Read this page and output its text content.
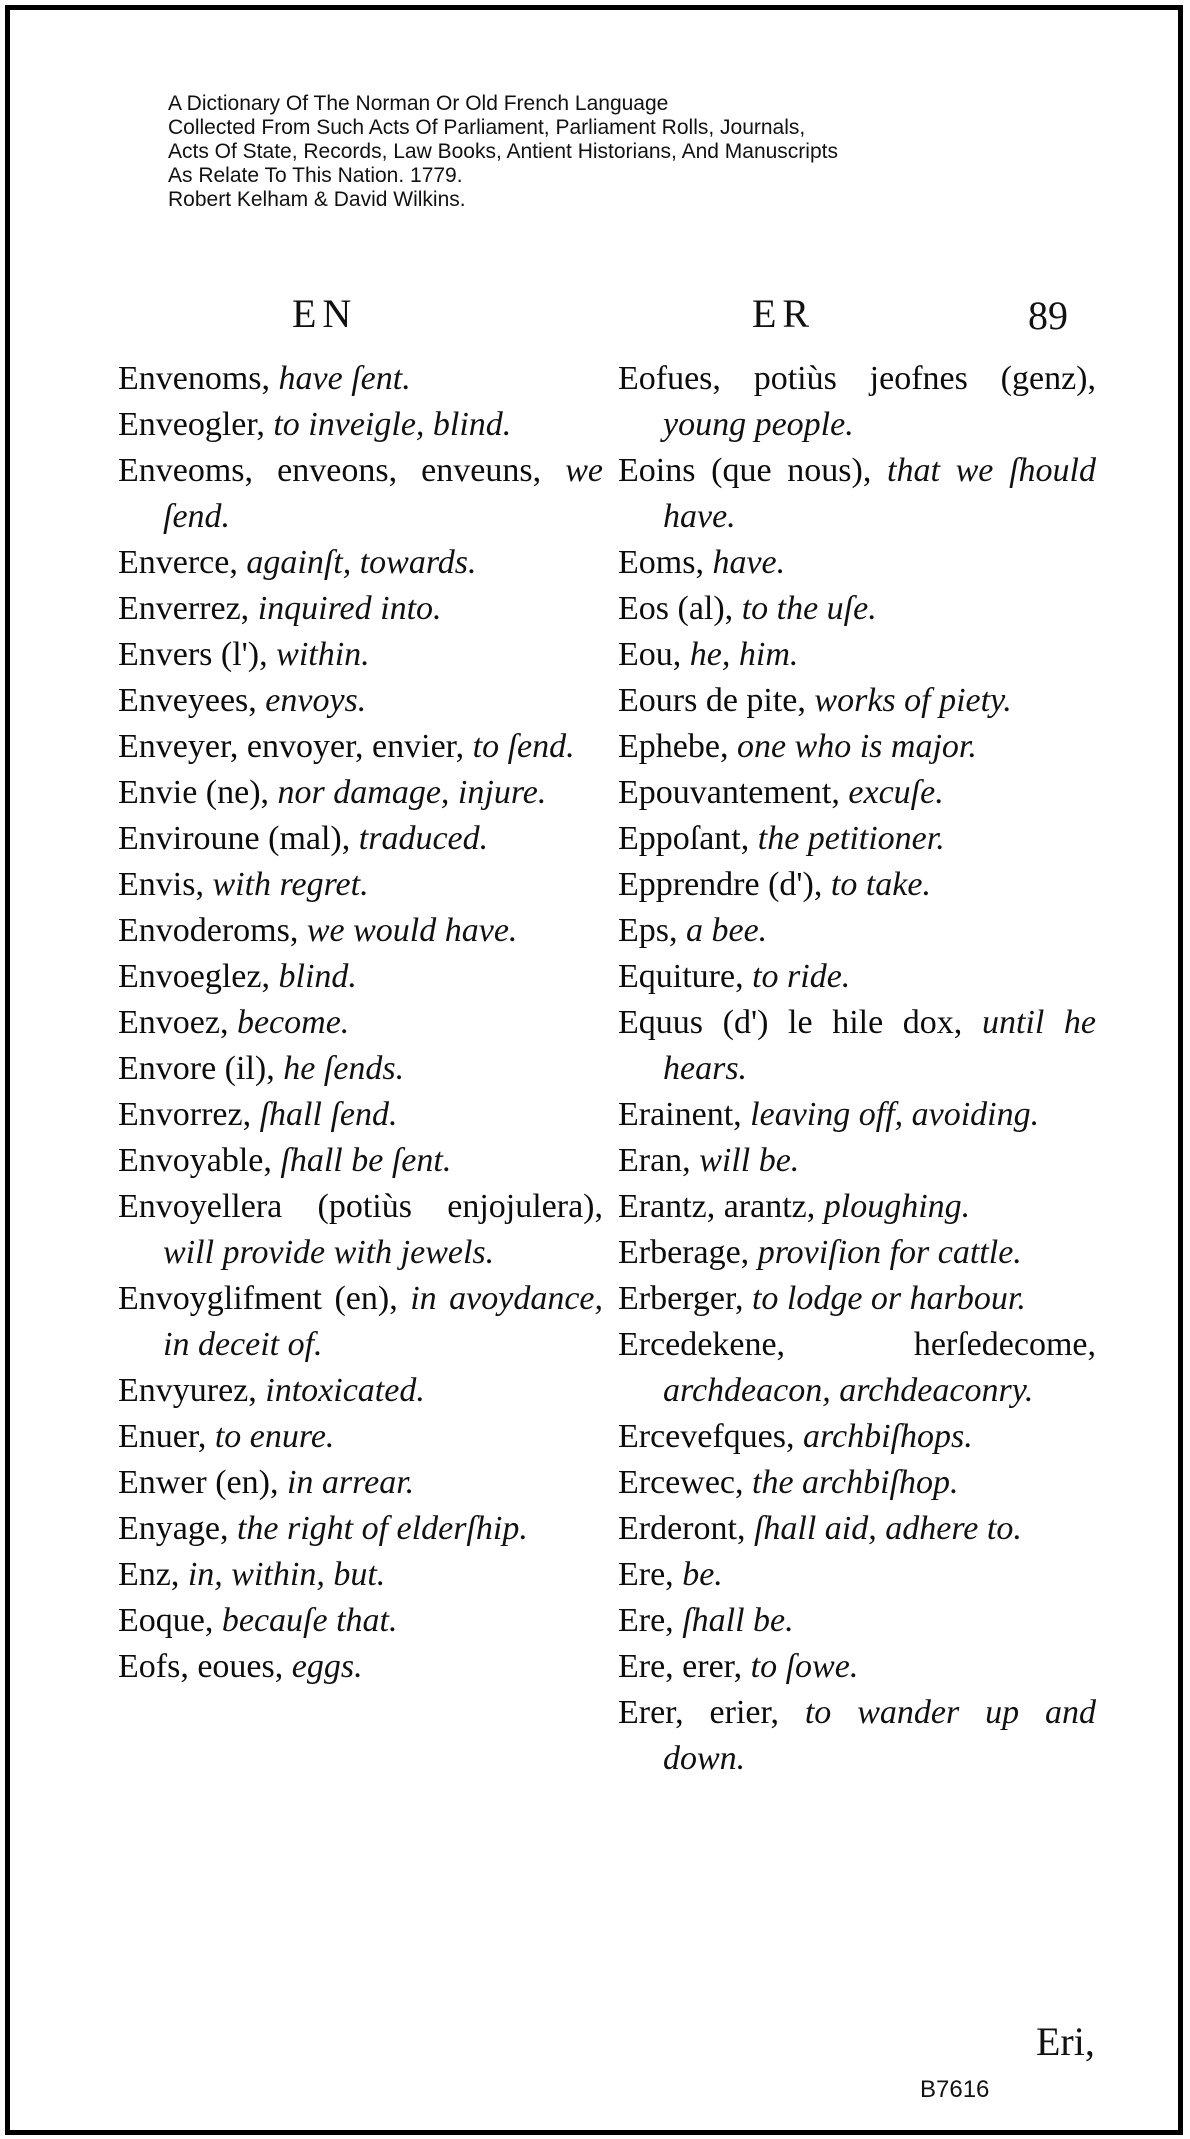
A Dictionary Of The Norman Or Old French Language
Collected From Such Acts Of Parliament, Parliament Rolls, Journals,
Acts Of State, Records, Law Books, Antient Historians, And Manuscripts
As Relate To This Nation. 1779.
Robert Kelham & David Wilkins.
EN	ER	89

Envenoms, have ſent.

Enveogler, to inveigle, blind.

Enveoms, enveons, enveuns, we ſend.

Enverce, againſt, towards.

Enverrez, inquired into.

Envers (l'), within.

Enveyees, envoys.

Enveyer, envoyer, envier, to ſend.

Envie (ne), nor damage, injure.

Enviroune (mal), traduced.

Envis, with regret.

Envoderoms, we would have.

Envoeglez, blind.

Envoez, become.

Envore (il), he ſends.

Envorrez, ſhall ſend.

Envoyable, ſhall be ſent.

Envoyellera (potiùs enjojulera), will provide with jewels.

Envoyglifment (en), in avoydance, in deceit of.

Envyurez, intoxicated.

Enuer, to enure.

Enwer (en), in arrear.

Enyage, the right of elderſhip.

Enz, in, within, but.

Eoque, becauſe that.

Eofs, eoues, eggs.

Eofues, potiùs jeofnes (genz), young people.

Eoins (que nous), that we ſhould have.

Eoms, have.

Eos (al), to the uſe.

Eou, he, him.

Eours de pite, works of piety.

Ephebe, one who is major.

Epouvantement, excuſe.

Eppoſant, the petitioner.

Epprendre (d'), to take.

Eps, a bee.

Equiture, to ride.

Equus (d') le hile dox, until he hears.

Erainent, leaving off, avoiding.

Eran, will be.

Erantz, arantz, ploughing.

Erberage, proviſion for cattle.

Erberger, to lodge or harbour.

Ercedekene, herſedecome, archdeacon, archdeaconry.

Ercevefques, archbiſhops.

Ercewec, the archbiſhop.

Erderont, ſhall aid, adhere to.

Ere, be.

Ere, ſhall be.

Ere, erer, to ſowe.

Erer, erier, to wander up and down.

Eri,
B7616
